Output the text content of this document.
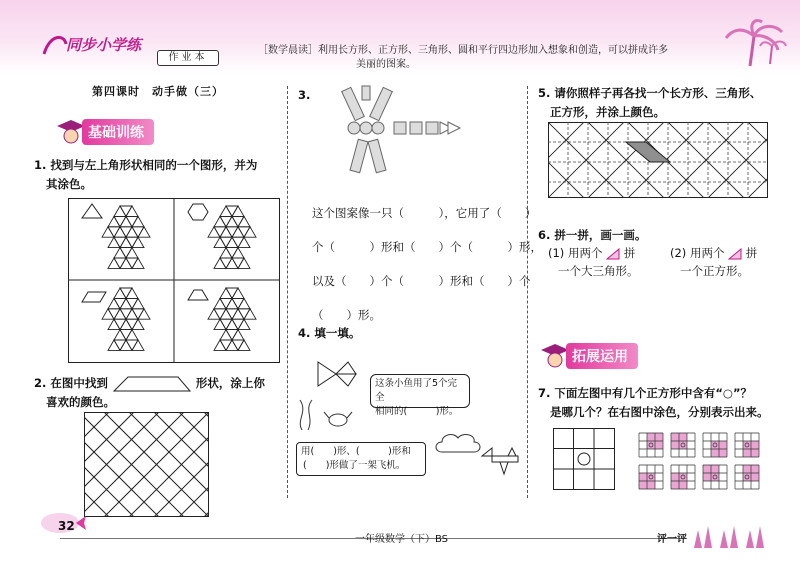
同步小学练
作业本
［数学晨读］利用长方形、正方形、三角形、圆和平行四边形加入想象和创造，可以拼成许多
美丽的图案。
第四课时　动手做（三）
基础训练
1. 找到与左上角形状相同的一个图形，并为
其涂色。
2. 在图中找到	形状，涂上你
喜欢的颜色。
3.
这个图案像一只（　　　），它用了（　　）
个（　　　）形和（　　）个（　　　）形，
以及（　　）个（　　　）形和（　　）个
（　　）形。
4. 填一填。
这条小鱼用了5个完全
相同的(　　　)形。
用(　　)形、(　　　)形和
(　　)形做了一架飞机。
5. 请你照样子再各找一个长方形、三角形、
正方形，并涂上颜色。
6. 拼一拼，画一画。
(1) 用两个 拼
一个大三角形。
(2) 用两个 拼
一个正方形。
拓展运用
7. 下面左图中有几个正方形中含有“○”？
是哪几个？在右图中涂色，分别表示出来。
32
一年级数学（下）BS	评一评
